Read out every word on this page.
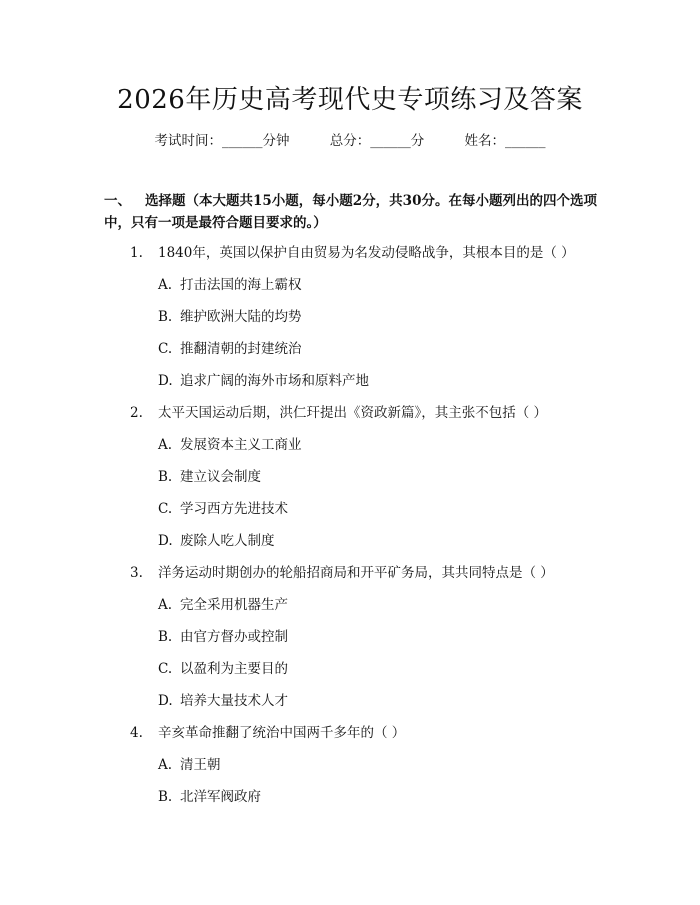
2026年历史高考现代史专项练习及答案
考试时间：______分钟	总分：______分	姓名：______
一、 选择题（本大题共15小题，每小题2分，共30分。在每小题列出的四个选项中，只有一项是最符合题目要求的。）
1. 1840年，英国以保护自由贸易为名发动侵略战争，其根本目的是（ ）
A. 打击法国的海上霸权
B. 维护欧洲大陆的均势
C. 推翻清朝的封建统治
D. 追求广阔的海外市场和原料产地
2. 太平天国运动后期，洪仁玕提出《资政新篇》，其主张不包括（ ）
A. 发展资本主义工商业
B. 建立议会制度
C. 学习西方先进技术
D. 废除人吃人制度
3. 洋务运动时期创办的轮船招商局和开平矿务局，其共同特点是（ ）
A. 完全采用机器生产
B. 由官方督办或控制
C. 以盈利为主要目的
D. 培养大量技术人才
4. 辛亥革命推翻了统治中国两千多年的（ ）
A. 清王朝
B. 北洋军阀政府
